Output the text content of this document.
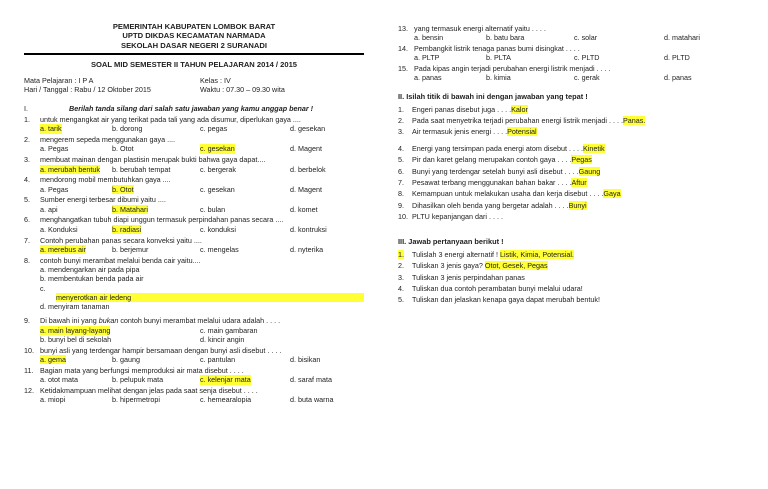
PEMERINTAH KABUPATEN LOMBOK BARAT
UPTD DIKDAS KECAMATAN NARMADA
SEKOLAH DASAR NEGERI 2 SURANADI
SOAL MID SEMESTER II TAHUN PELAJARAN 2014 / 2015
Mata Pelajaran : I P A
Hari / Tanggal : Rabu / 12 Oktober 2015
Kelas : IV
Waktu : 07.30 – 09.30 wita
I.	Berilah tanda silang dari salah satu jawaban yang kamu anggap benar !
1. untuk mengangkat air yang terikat pada tali yang ada disumur, diperlukan gaya ....
a. tarik	b. dorong	c. pegas	d. gesekan
2. mengerem sepeda menggunakan gaya ....
a. Pegas	b. Otot	c. gesekan	d. Magent
3. membuat mainan dengan plastisin merupak bukti bahwa gaya dapat....
a. merubah bentuk b. berubah tempat	c. bergerak	d. berbelok
4. mendorong mobil membutuhkan gaya ....
a. Pegas	b. Otot	c. gesekan	d. Magent
5. Sumber energi terbesar dibumi yaitu ....
a. api	b. Matahari	c. bulan	d. komet
6. menghangatkan tubuh diapi unggun termasuk perpindahan panas secara ....
a. Konduksi	b. radiasi	c. konduksi	d. kontruksi
7. Contoh perubahan panas secara konveksi yaitu ....
a. merebus air	b. berjemur	c. mengelas	d. nyterika
8. contoh bunyi merambat melalui benda cair yaitu....
a. mendengarkan air pada pipa
b. membentukan benda pada air
c.
menyerotkan air ledeng
d. menyiram tanaman
9. Di bawah ini yang bukan contoh bunyi merambat melalui udara adalah . . . .
a. main layang-layang	c. main gambaran
b. bunyi bel di sekolah	d. kincir angin
10. bunyi asli yang terdengar hampir bersamaan dengan bunyi asli disebut . . . .
a. gema	b. gaung	c. pantulan	d. bisikan
11. Bagian mata yang berfungsi memproduksi air mata disebut . . . .
a. otot mata	b. pelupuk mata	c. kelenjar mata	d. saraf mata
12. Ketidakmampuan melihat dengan jelas pada saat senja disebut . . . .
a. miopi	b. hipermetropi	c. hemearalopia	d. buta warna
13. yang termasuk energi alternatif yaitu . . . .
a. bensin	b. batu bara	c. solar	d. matahari
14. Pembangkit listrik tenaga panas bumi disingkat . . . .
a. PLTP	b. PLTA	c. PLTD	d. PLTD
15. Pada kipas angin terjadi perubahan energi listrik menjadi . . . .
a. panas	b. kimia	c. gerak	d. panas
II. Isilah titik di bawah ini dengan jawaban yang tepat !
1. Engeri panas disebut juga . . . .Kalor
2. Pada saat menyetrika terjadi perubahan energi listrik menjadi . . . .Panas.
3. Air termasuk jenis energi . . . .Potensial
4. Energi yang tersimpan pada energi atom disebut . . . .Kinetik
5. Pir dan karet gelang merupakan contoh gaya . . . .Pegas
6. Bunyi yang terdengar setelah bunyi asli disebut . . . .Gaung
7. Pesawat terbang menggunakan bahan bakar . . . .Aftur
8. Kemampuan untuk melakukan usaha dan kerja disebut . . . .Gaya
9. Dihasilkan oleh benda yang bergetar adalah . . . .Bunyi
10. PLTU kepanjangan dari . . . .
III. Jawab pertanyaan berikut !
1. Tulislah 3 energi alternatif ! Listik, Kimia, Potensial.
2. Tuliskan 3 jenis gaya? Otot, Gesek, Pegas
3. Tuliskan 3 jenis perpindahan panas
4. Tuliskan dua contoh perambatan bunyi melalui udara!
5. Tuliskan dan jelaskan kenapa gaya dapat merubah bentuk!
